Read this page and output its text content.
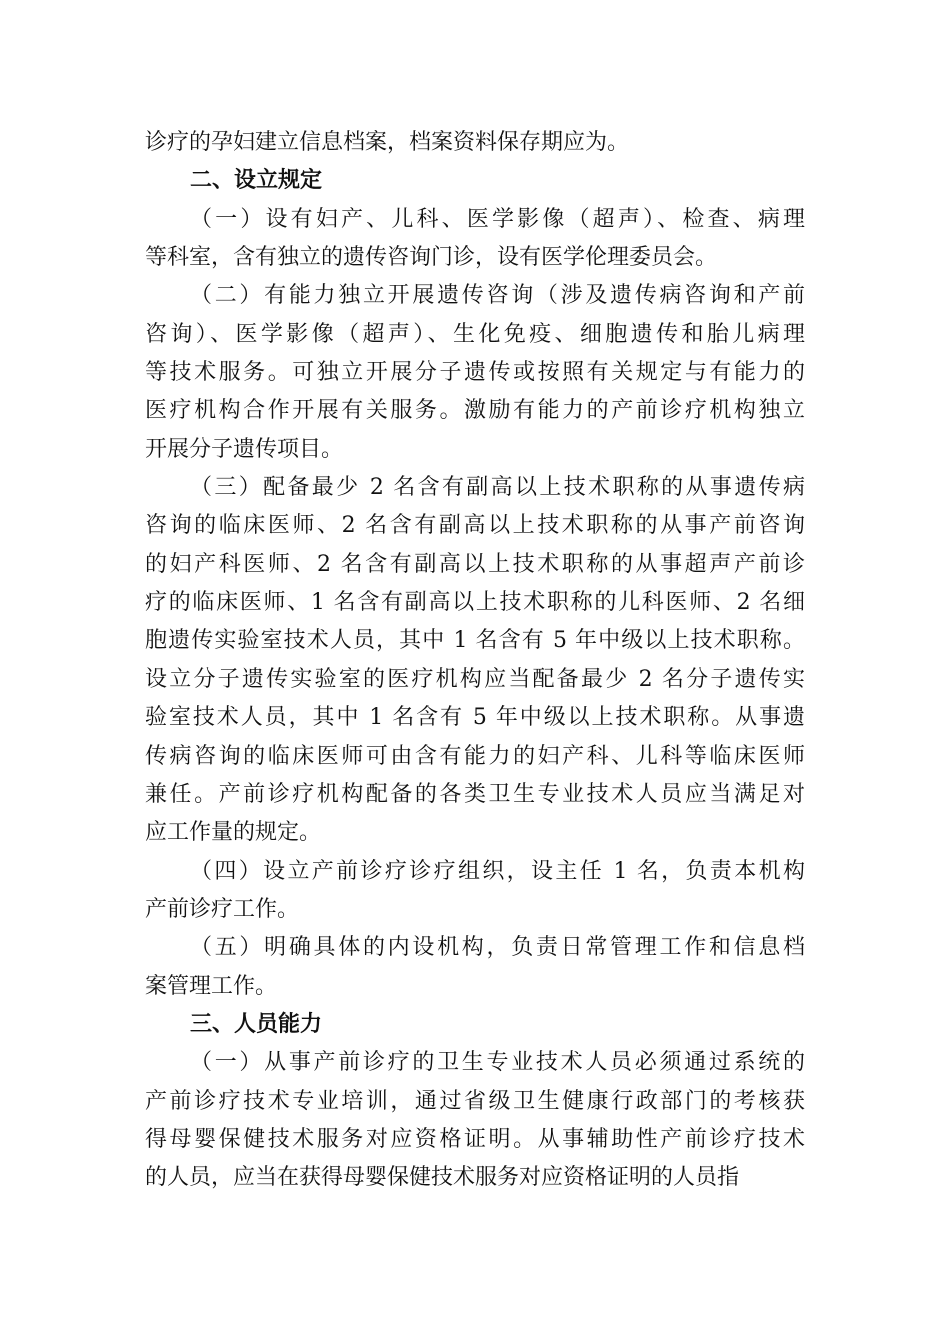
诊疗的孕妇建立信息档案，档案资料保存期应为。
二、设立规定
（一）设有妇产、儿科、医学影像（超声）、检查、病理
等科室，含有独立的遗传咨询门诊，设有医学伦理委员会。
（二）有能力独立开展遗传咨询（涉及遗传病咨询和产前
咨询）、医学影像（超声）、生化免疫、细胞遗传和胎儿病理
等技术服务。可独立开展分子遗传或按照有关规定与有能力的
医疗机构合作开展有关服务。激励有能力的产前诊疗机构独立
开展分子遗传项目。
（三）配备最少 2 名含有副高以上技术职称的从事遗传病
咨询的临床医师、2 名含有副高以上技术职称的从事产前咨询
的妇产科医师、2 名含有副高以上技术职称的从事超声产前诊
疗的临床医师、1 名含有副高以上技术职称的儿科医师、2 名细
胞遗传实验室技术人员，其中 1 名含有 5 年中级以上技术职称。
设立分子遗传实验室的医疗机构应当配备最少 2 名分子遗传实
验室技术人员，其中 1 名含有 5 年中级以上技术职称。从事遗
传病咨询的临床医师可由含有能力的妇产科、儿科等临床医师
兼任。产前诊疗机构配备的各类卫生专业技术人员应当满足对
应工作量的规定。
（四）设立产前诊疗诊疗组织，设主任 1 名，负责本机构
产前诊疗工作。
（五）明确具体的内设机构，负责日常管理工作和信息档
案管理工作。
三、人员能力
（一）从事产前诊疗的卫生专业技术人员必须通过系统的
产前诊疗技术专业培训，通过省级卫生健康行政部门的考核获
得母婴保健技术服务对应资格证明。从事辅助性产前诊疗技术
的人员，应当在获得母婴保健技术服务对应资格证明的人员指
